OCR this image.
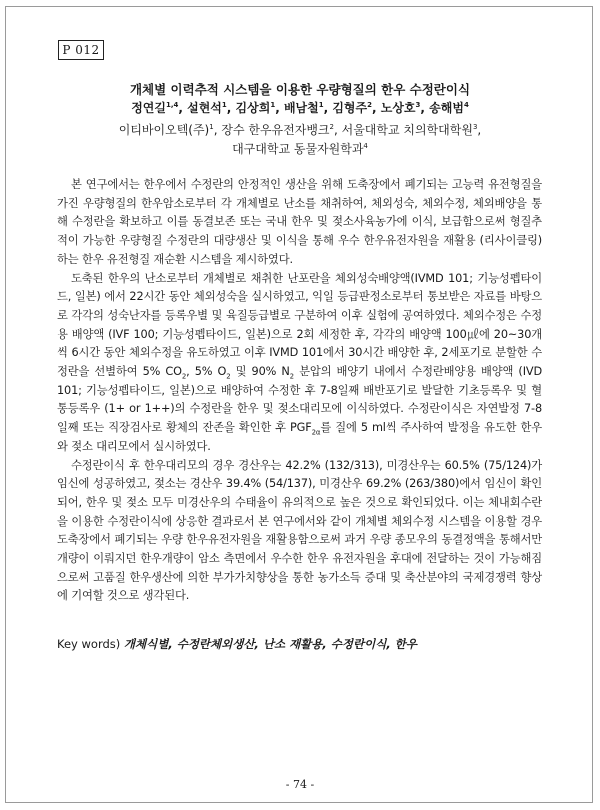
P 012
개체별 이력추적 시스템을 이용한 우량형질의 한우 수정란이식
정연길$^{1,4}$, 설현석$^1$, 김상희$^1$, 배남철$^1$, 김형주$^2$, 노상호$^3$, 송해범$^4$
이티바이오텍(주)$^1$, 장수 한우유전자뱅크$^2$, 서울대학교 치의학대학원$^3$,
대구대학교 동물자원학과$^4$

본 연구에서는 한우에서 수정란의 안정적인 생산을 위해 도축장에서 폐기되는 고능력 유전형질을 가진 우량형질의 한우암소로부터 각 개체별로 난소를 채취하여, 체외성숙, 체외수정, 체외배양을 통해 수정란을 확보하고 이를 동결보존 또는 국내 한우 및 젖소사육농가에 이식, 보급함으로써 형질추적이 가능한 우량형질 수정란의 대량생산 및 이식을 통해 우수 한우유전자원을 재활용 (리사이클링)하는 한우 유전형질 재순환 시스템을 제시하였다.

도축된 한우의 난소로부터 개체별로 채취한 난포란을 체외성숙배양액(IVMD 101; 기능성펩타이드, 일본) 에서 22시간 동안 체외성숙을 실시하였고, 익일 등급판정소로부터 통보받은 자료를 바탕으로 각각의 성숙난자를 등록우별 및 육질등급별로 구분하여 이후 실험에 공여하였다. 체외수정은 수정용 배양액 (IVF 100; 기능성펩타이드, 일본)으로 2회 세정한 후, 각각의 배양액 100㎕에 20~30개씩 6시간 동안 체외수정을 유도하였고 이후 IVMD 101에서 30시간 배양한 후, 2세포기로 분할한 수정란을 선별하여 5% $CO_2$, 5% $O_2$ 및 90% $N_2$ 분압의 배양기 내에서 수정란배양용 배양액 (IVD 101; 기능성펩타이드, 일본)으로 배양하여 수정한 후 7-8일째 배반포기로 발달한 기초등록우 및 혈통등록우 (1+ or 1++)의 수정란을 한우 및 젖소대리모에 이식하였다. 수정란이식은 자연발정 7-8일째 또는 직장검사로 황체의 잔존을 확인한 후 $PGF_{2\alpha}$를 질에 5 ml씩 주사하여 발정을 유도한 한우와 젖소 대리모에서 실시하였다.

수정란이식 후 한우대리모의 경우 경산우는 42.2% (132/313), 미경산우는 60.5% (75/124)가 임신에 성공하였고, 젖소는 경산우 39.4% (54/137), 미경산우 69.2% (263/380)에서 임신이 확인되어, 한우 및 젖소 모두 미경산우의 수태율이 유의적으로 높은 것으로 확인되었다. 이는 체내회수란을 이용한 수정란이식에 상응한 결과로서 본 연구에서와 같이 개체별 체외수정 시스템을 이용할 경우 도축장에서 폐기되는 우량 한우유전자원을 재활용함으로써 과거 우량 종모우의 동결정액을 통해서만 개량이 이뤄지던 한우개량이 암소 측면에서 우수한 한우 유전자원을 후대에 전달하는 것이 가능해짐으로써 고품질 한우생산에 의한 부가가치향상을 통한 농가소득 증대 및 축산분야의 국제경쟁력 향상에 기여할 것으로 생각된다.

Key words) 개체식별, 수정란체외생산, 난소 재활용, 수정란이식, 한우
- 74 -
